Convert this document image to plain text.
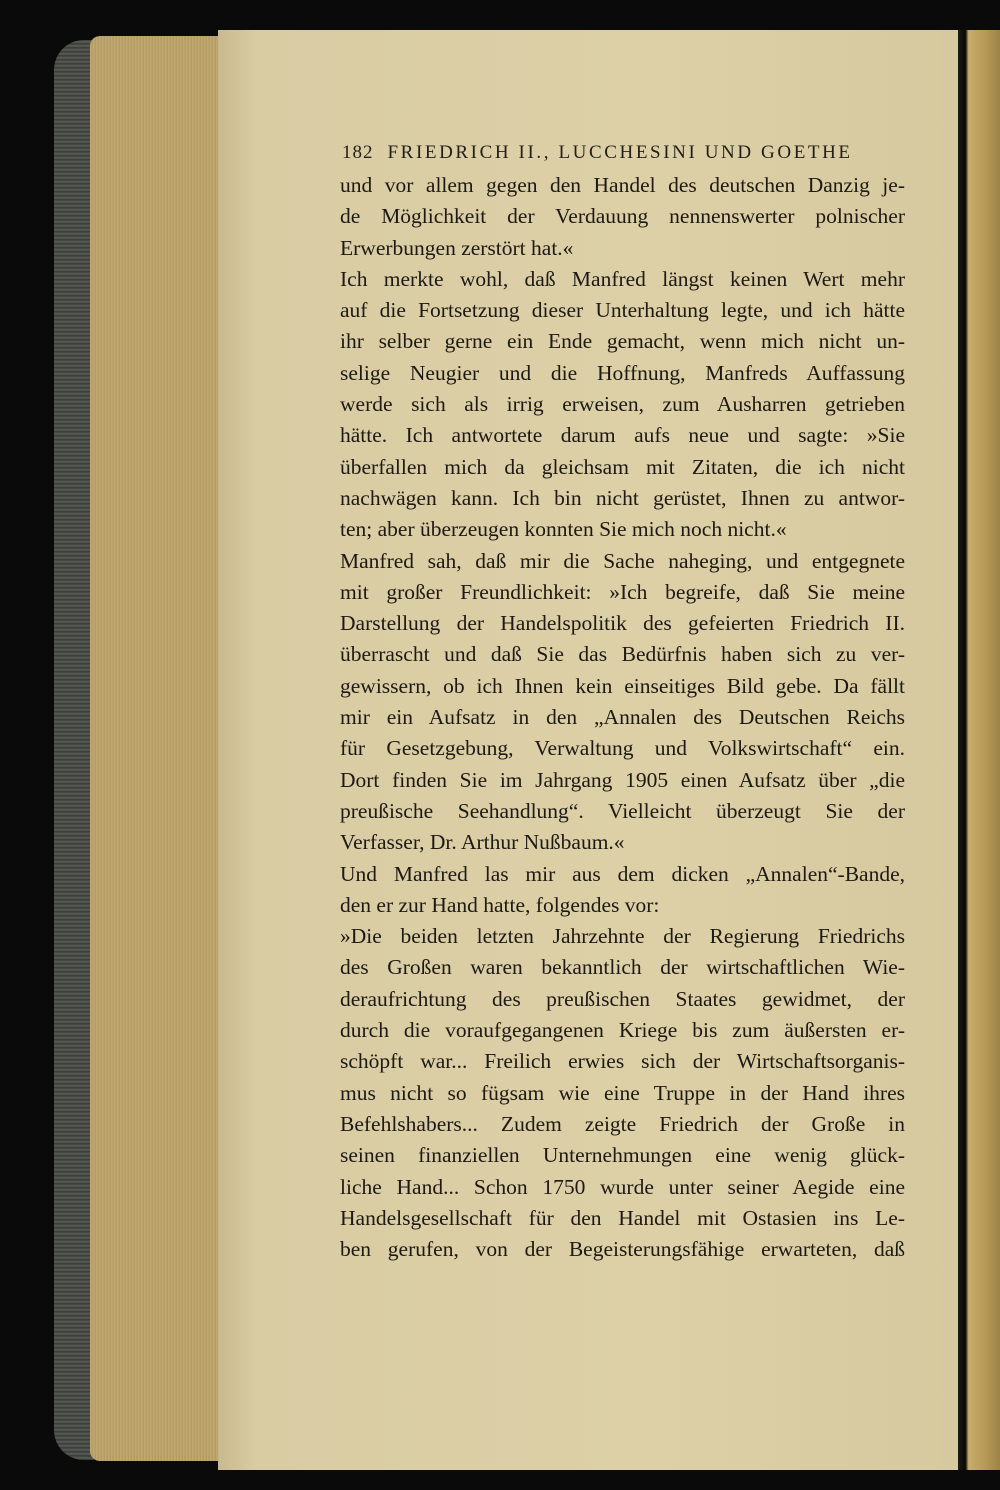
182 FRIEDRICH II., LUCCHESINI UND GOETHE
und vor allem gegen den Handel des deutschen Danzig je-
de Möglichkeit der Verdauung nennenswerter polnischer
Erwerbungen zerstört hat.«
Ich merkte wohl, daß Manfred längst keinen Wert mehr
auf die Fortsetzung dieser Unterhaltung legte, und ich hätte
ihr selber gerne ein Ende gemacht, wenn mich nicht un-
selige Neugier und die Hoffnung, Manfreds Auffassung
werde sich als irrig erweisen, zum Ausharren getrieben
hätte. Ich antwortete darum aufs neue und sagte: »Sie
überfallen mich da gleichsam mit Zitaten, die ich nicht
nachwägen kann. Ich bin nicht gerüstet, Ihnen zu antwor-
ten; aber überzeugen konnten Sie mich noch nicht.«
Manfred sah, daß mir die Sache naheging, und entgegnete
mit großer Freundlichkeit: »Ich begreife, daß Sie meine
Darstellung der Handelspolitik des gefeierten Friedrich II.
überrascht und daß Sie das Bedürfnis haben sich zu ver-
gewissern, ob ich Ihnen kein einseitiges Bild gebe. Da fällt
mir ein Aufsatz in den „Annalen des Deutschen Reichs
für Gesetzgebung, Verwaltung und Volkswirtschaft“ ein.
Dort finden Sie im Jahrgang 1905 einen Aufsatz über „die
preußische Seehandlung“. Vielleicht überzeugt Sie der
Verfasser, Dr. Arthur Nußbaum.«
Und Manfred las mir aus dem dicken „Annalen“-Bande,
den er zur Hand hatte, folgendes vor:
»Die beiden letzten Jahrzehnte der Regierung Friedrichs
des Großen waren bekanntlich der wirtschaftlichen Wie-
deraufrichtung des preußischen Staates gewidmet, der
durch die voraufgegangenen Kriege bis zum äußersten er-
schöpft war... Freilich erwies sich der Wirtschaftsorganis-
mus nicht so fügsam wie eine Truppe in der Hand ihres
Befehlshabers... Zudem zeigte Friedrich der Große in
seinen finanziellen Unternehmungen eine wenig glück-
liche Hand... Schon 1750 wurde unter seiner Aegide eine
Handelsgesellschaft für den Handel mit Ostasien ins Le-
ben gerufen, von der Begeisterungsfähige erwarteten, daß
